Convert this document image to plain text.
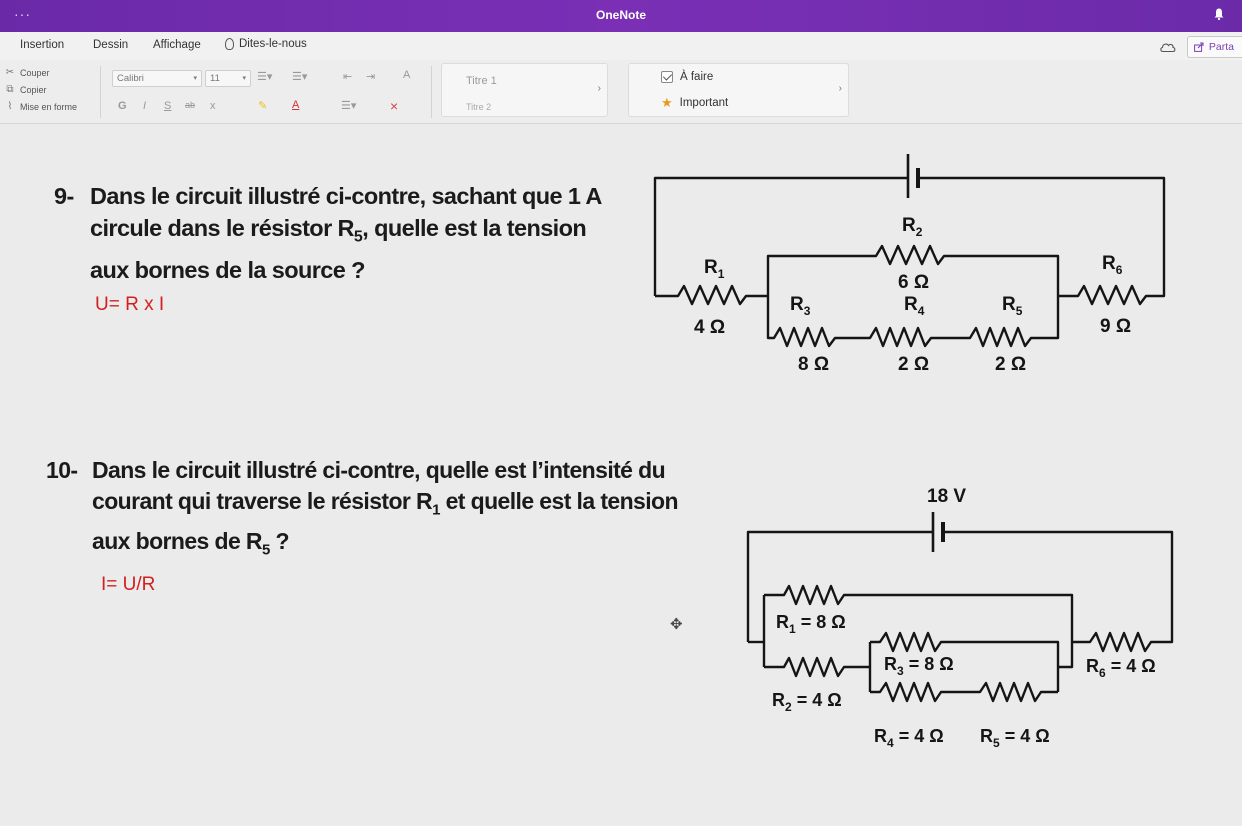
···	OneNote
Insertion	Dessin Affichage	Dites-le-nous	Parta
✂ Couper
⧉ Copier
⌇ Mise en forme
Calibri	▾	11	▾ ☰▾ ☰▾	⇤ ⇥	A
G I S ab x	✎ A	☰▾ ×
Titre 1
Titre 2
›
À faire
★ Important
›
9- Dans le circuit illustré ci-contre, sachant que 1 A
circule dans le résistor $R_5$, quelle est la tension
aux bornes de la source ?
U= R x I
$R_1$
4 Ω
$R_2$
6 Ω
$R_3$
8 Ω
$R_4$
2 Ω
$R_5$
2 Ω
$R_6$
9 Ω
10- Dans le circuit illustré ci-contre, quelle est l’intensité du
courant qui traverse le résistor $R_1$ et quelle est la tension
aux bornes de $R_5$ ?
I= U/R
✥
18 V
$R_1 = 8$ Ω
$R_2 = 4$ Ω
$R_3 = 8$ Ω
$R_4 = 4$ Ω $R_5 = 4$ Ω
$R_6 = 4$ Ω
